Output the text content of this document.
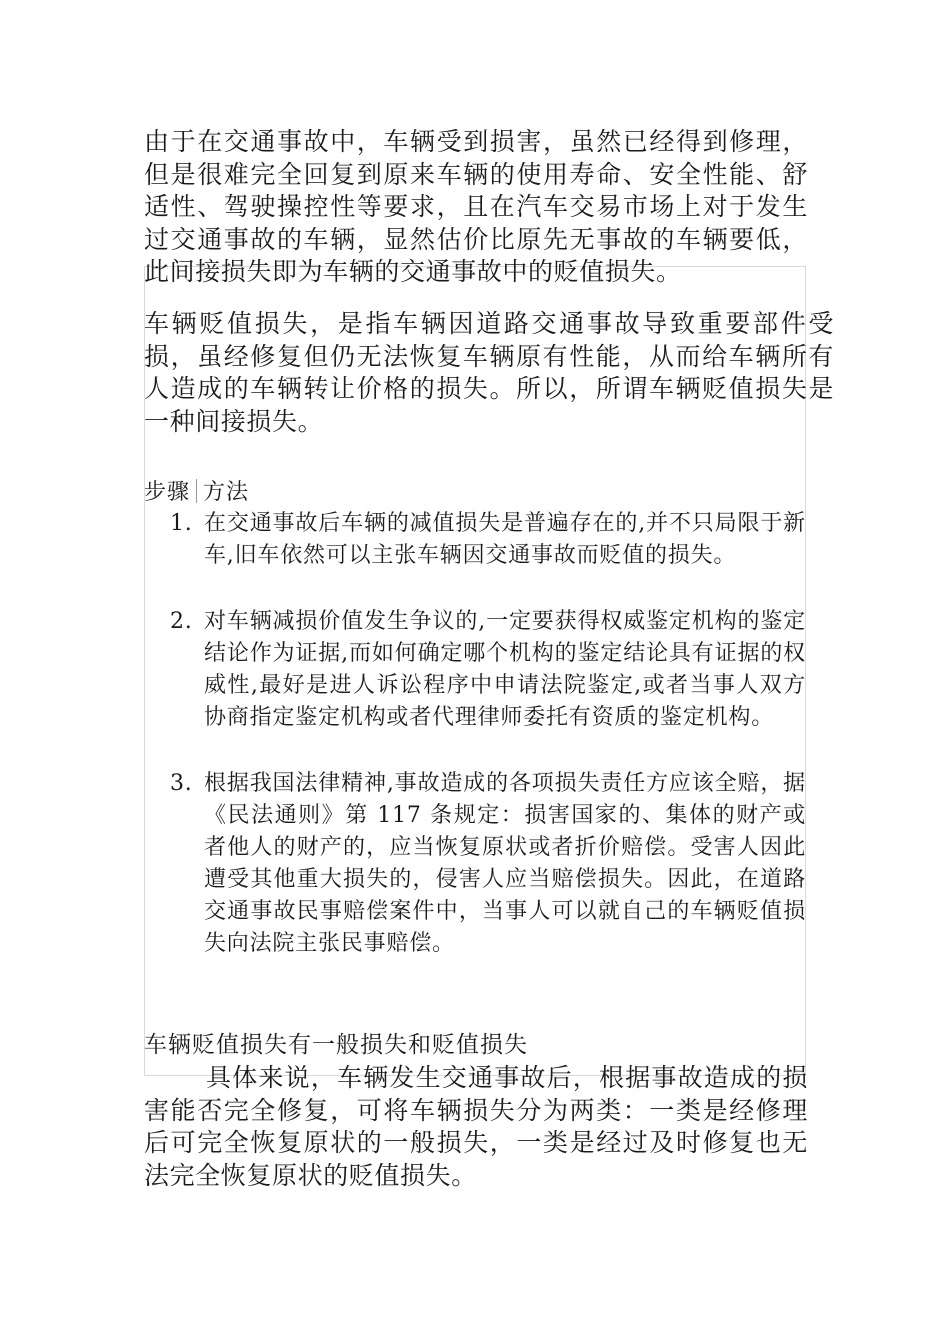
由于在交通事故中，车辆受到损害，虽然已经得到修理，但是很难完全回复到原来车辆的使用寿命、安全性能、舒适性、驾驶操控性等要求，且在汽车交易市场上对于发生过交通事故的车辆，显然估价比原先无事故的车辆要低，此间接损失即为车辆的交通事故中的贬值损失。

车辆贬值损失，是指车辆因道路交通事故导致重要部件受损，虽经修复但仍无法恢复车辆原有性能，从而给车辆所有人造成的车辆转让价格的损失。所以，所谓车辆贬值损失是一种间接损失。

步骤 方法
1. 在交通事故后车辆的减值损失是普遍存在的,并不只局限于新车,旧车依然可以主张车辆因交通事故而贬值的损失。
2. 对车辆减损价值发生争议的,一定要获得权威鉴定机构的鉴定结论作为证据,而如何确定哪个机构的鉴定结论具有证据的权威性,最好是进人诉讼程序中申请法院鉴定,或者当事人双方协商指定鉴定机构或者代理律师委托有资质的鉴定机构。
3. 根据我国法律精神,事故造成的各项损失责任方应该全赔，据《民法通则》第 117 条规定：损害国家的、集体的财产或者他人的财产的，应当恢复原状或者折价赔偿。受害人因此遭受其他重大损失的，侵害人应当赔偿损失。因此，在道路交通事故民事赔偿案件中，当事人可以就自己的车辆贬值损失向法院主张民事赔偿。
车辆贬值损失有一般损失和贬值损失

具体来说，车辆发生交通事故后，根据事故造成的损害能否完全修复，可将车辆损失分为两类：一类是经修理后可完全恢复原状的一般损失，一类是经过及时修复也无法完全恢复原状的贬值损失。
